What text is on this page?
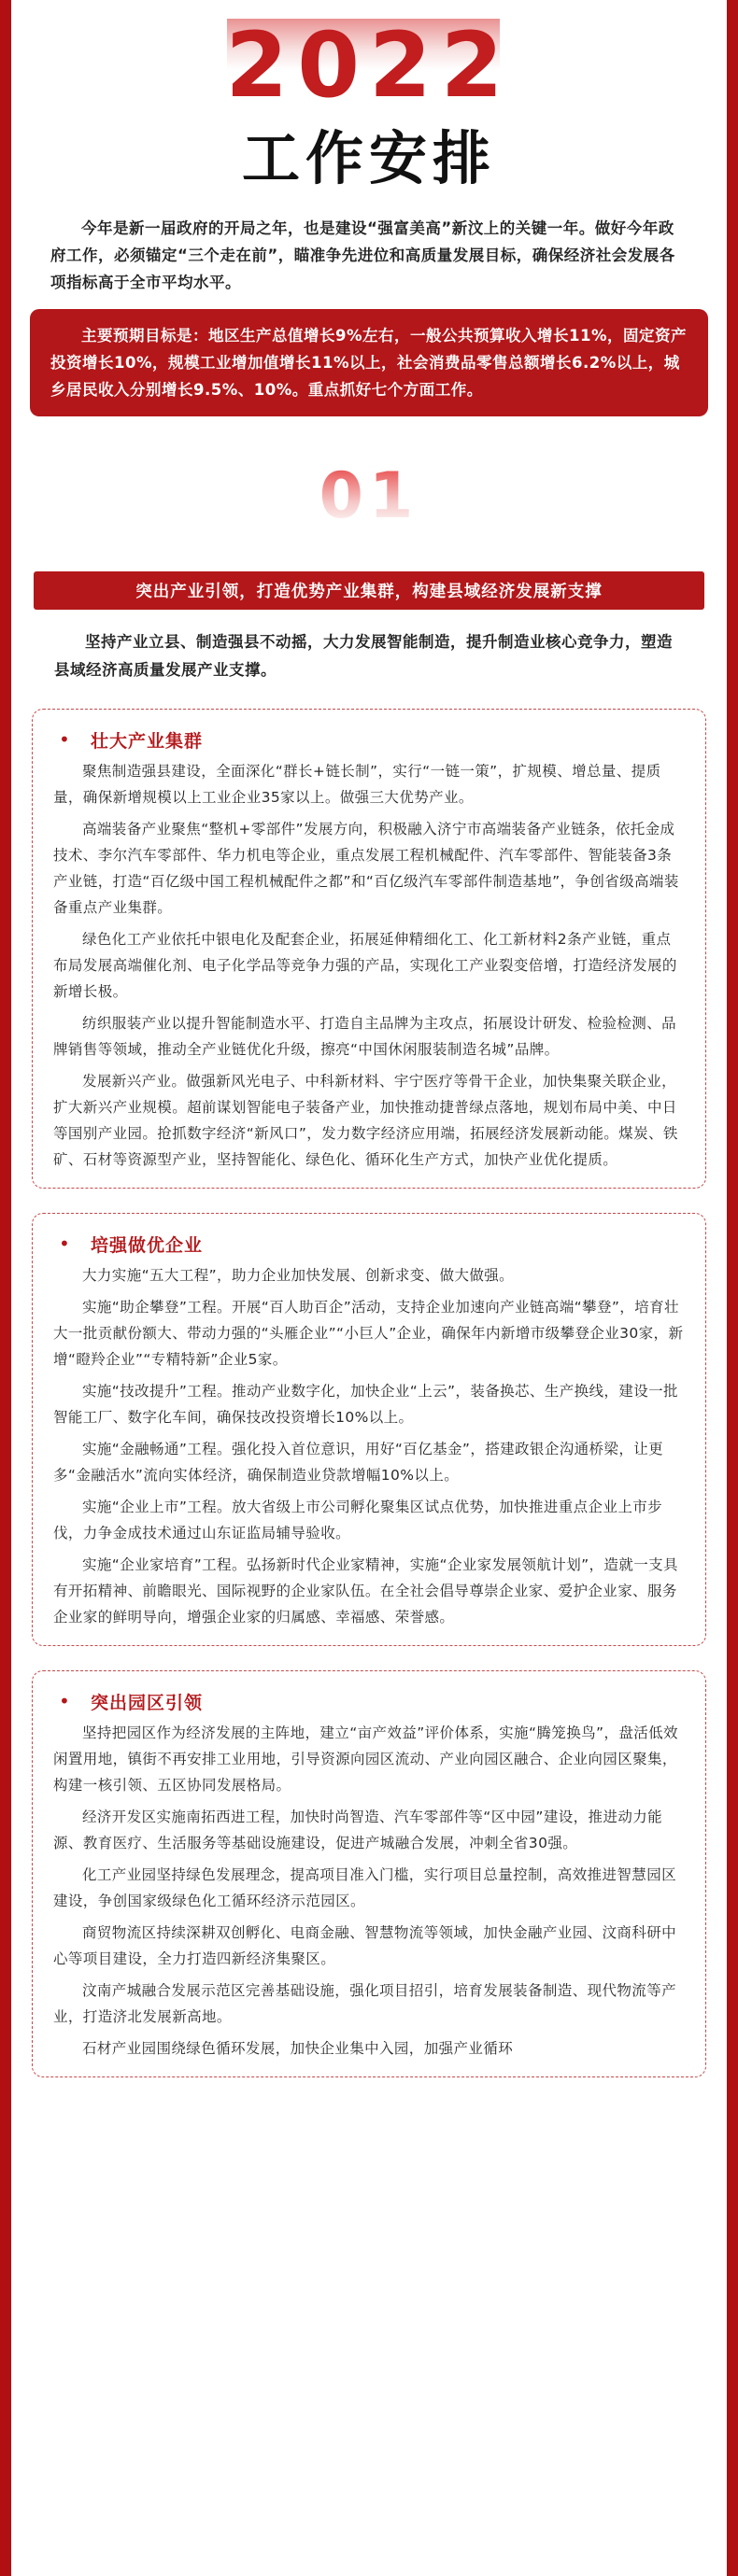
2022
工作安排

今年是新一届政府的开局之年，也是建设“强富美高”新汶上的关键一年。做好今年政府工作，必须锚定“三个走在前”，瞄准争先进位和高质量发展目标，确保经济社会发展各项指标高于全市平均水平。

主要预期目标是：地区生产总值增长9%左右，一般公共预算收入增长11%，固定资产投资增长10%，规模工业增加值增长11%以上，社会消费品零售总额增长6.2%以上，城乡居民收入分别增长9.5%、10%。重点抓好七个方面工作。
01
突出产业引领，打造优势产业集群，构建县域经济发展新支撑

坚持产业立县、制造强县不动摇，大力发展智能制造，提升制造业核心竞争力，塑造县域经济高质量发展产业支撑。

•	壮大产业集群

聚焦制造强县建设，全面深化“群长+链长制”，实行“一链一策”，扩规模、增总量、提质量，确保新增规模以上工业企业35家以上。做强三大优势产业。

高端装备产业聚焦“整机+零部件”发展方向，积极融入济宁市高端装备产业链条，依托金成技术、李尔汽车零部件、华力机电等企业，重点发展工程机械配件、汽车零部件、智能装备3条产业链，打造“百亿级中国工程机械配件之都”和“百亿级汽车零部件制造基地”，争创省级高端装备重点产业集群。

绿色化工产业依托中银电化及配套企业，拓展延伸精细化工、化工新材料2条产业链，重点布局发展高端催化剂、电子化学品等竞争力强的产品，实现化工产业裂变倍增，打造经济发展的新增长极。

纺织服装产业以提升智能制造水平、打造自主品牌为主攻点，拓展设计研发、检验检测、品牌销售等领域，推动全产业链优化升级，擦亮“中国休闲服装制造名城”品牌。

发展新兴产业。做强新风光电子、中科新材料、宇宁医疗等骨干企业，加快集聚关联企业，扩大新兴产业规模。超前谋划智能电子装备产业，加快推动捷普绿点落地，规划布局中美、中日等国别产业园。抢抓数字经济“新风口”，发力数字经济应用端，拓展经济发展新动能。煤炭、铁矿、石材等资源型产业，坚持智能化、绿色化、循环化生产方式，加快产业优化提质。

•	培强做优企业

大力实施“五大工程”，助力企业加快发展、创新求变、做大做强。

实施“助企攀登”工程。开展“百人助百企”活动，支持企业加速向产业链高端“攀登”，培育壮大一批贡献份额大、带动力强的“头雁企业”“小巨人”企业，确保年内新增市级攀登企业30家，新增“瞪羚企业”“专精特新”企业5家。

实施“技改提升”工程。推动产业数字化，加快企业“上云”，装备换芯、生产换线，建设一批智能工厂、数字化车间，确保技改投资增长10%以上。

实施“金融畅通”工程。强化投入首位意识，用好“百亿基金”，搭建政银企沟通桥梁，让更多“金融活水”流向实体经济，确保制造业贷款增幅10%以上。

实施“企业上市”工程。放大省级上市公司孵化聚集区试点优势，加快推进重点企业上市步伐，力争金成技术通过山东证监局辅导验收。

实施“企业家培育”工程。弘扬新时代企业家精神，实施“企业家发展领航计划”，造就一支具有开拓精神、前瞻眼光、国际视野的企业家队伍。在全社会倡导尊崇企业家、爱护企业家、服务企业家的鲜明导向，增强企业家的归属感、幸福感、荣誉感。

•	突出园区引领

坚持把园区作为经济发展的主阵地，建立“亩产效益”评价体系，实施“腾笼换鸟”，盘活低效闲置用地，镇街不再安排工业用地，引导资源向园区流动、产业向园区融合、企业向园区聚集，构建一核引领、五区协同发展格局。

经济开发区实施南拓西进工程，加快时尚智造、汽车零部件等“区中园”建设，推进动力能源、教育医疗、生活服务等基础设施建设，促进产城融合发展，冲刺全省30强。

化工产业园坚持绿色发展理念，提高项目准入门槛，实行项目总量控制，高效推进智慧园区建设，争创国家级绿色化工循环经济示范园区。

商贸物流区持续深耕双创孵化、电商金融、智慧物流等领域，加快金融产业园、汶商科研中心等项目建设，全力打造四新经济集聚区。

汶南产城融合发展示范区完善基础设施，强化项目招引，培育发展装备制造、现代物流等产业，打造济北发展新高地。

石材产业园围绕绿色循环发展，加快企业集中入园，加强产业循环
